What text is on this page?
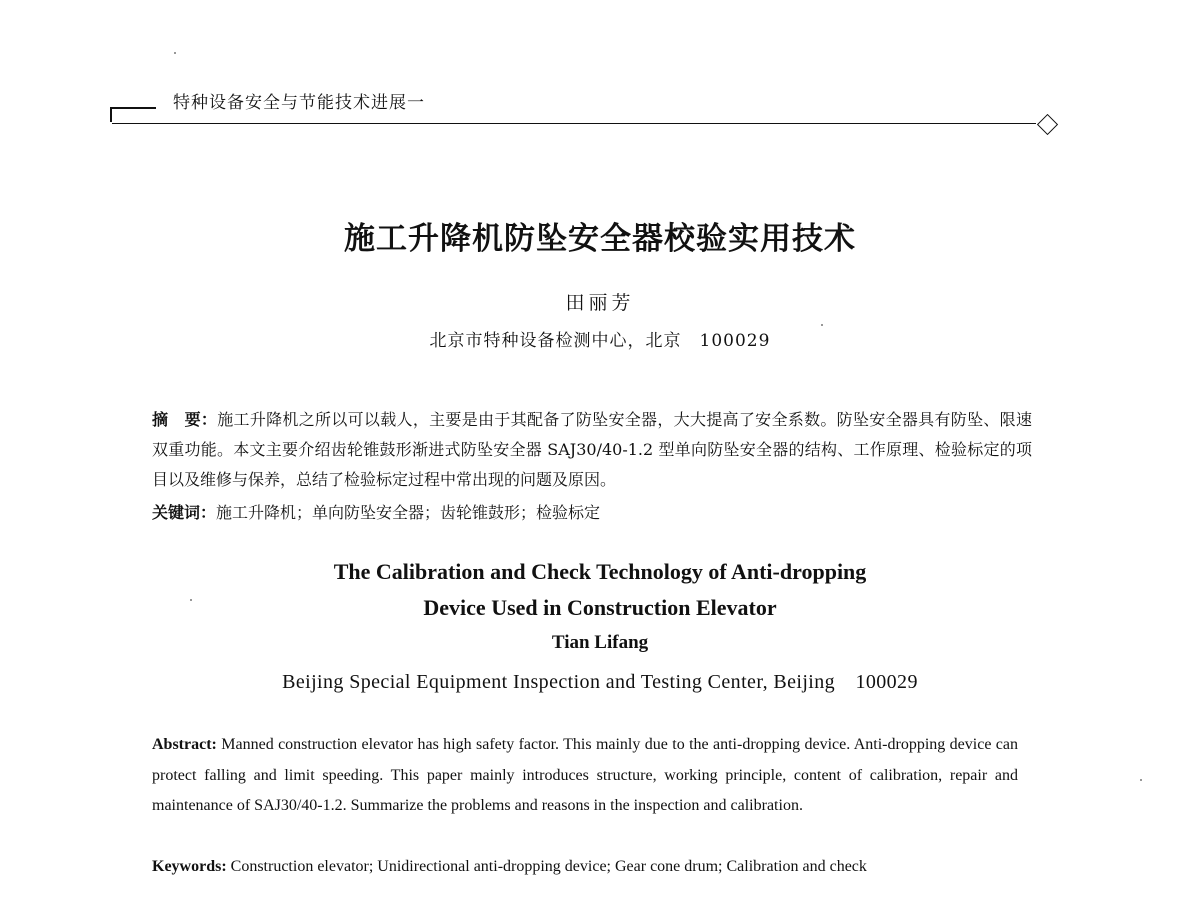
特种设备安全与节能技术进展一
施工升降机防坠安全器校验实用技术
田丽芳
北京市特种设备检测中心，北京　100029
摘　要：施工升降机之所以可以载人，主要是由于其配备了防坠安全器，大大提高了安全系数。防坠安全器具有防坠、限速双重功能。本文主要介绍齿轮锥鼓形渐进式防坠安全器 SAJ30/40-1.2 型单向防坠安全器的结构、工作原理、检验标定的项目以及维修与保养，总结了检验标定过程中常出现的问题及原因。
关键词：施工升降机；单向防坠安全器；齿轮锥鼓形；检验标定
The Calibration and Check Technology of Anti-dropping
Device Used in Construction Elevator
Tian Lifang
Beijing Special Equipment Inspection and Testing Center, Beijing　100029
Abstract: Manned construction elevator has high safety factor. This mainly due to the anti-dropping device. Anti-dropping device can protect falling and limit speeding. This paper mainly introduces structure, working principle, content of calibration, repair and maintenance of SAJ30/40-1.2. Summarize the problems and reasons in the inspection and calibration.
Keywords: Construction elevator; Unidirectional anti-dropping device; Gear cone drum; Calibration and check
